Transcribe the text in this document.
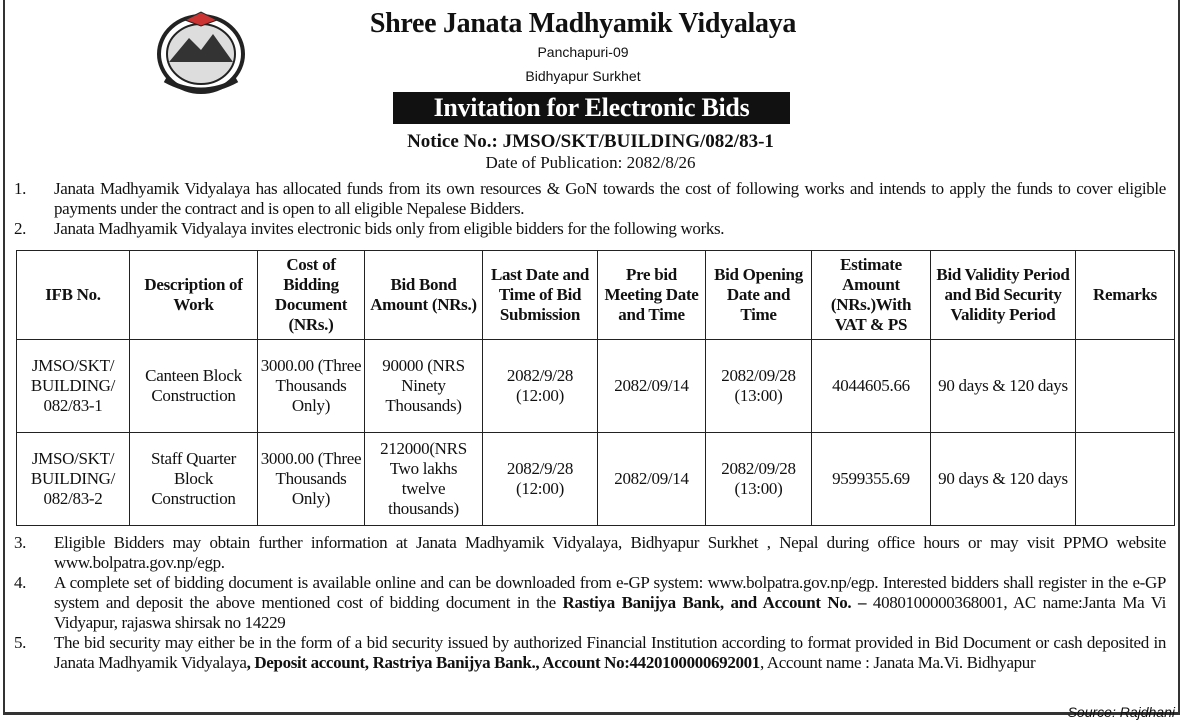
Shree Janata Madhyamik Vidyalaya
Panchapuri-09
Bidhyapur Surkhet
Invitation for Electronic Bids
Notice No.: JMSO/SKT/BUILDING/082/83-1
Date of Publication: 2082/8/26
1.	Janata Madhyamik Vidyalaya has allocated funds from its own resources & GoN towards the cost of following works and intends to apply the funds to cover eligible payments under the contract and is open to all eligible Nepalese Bidders.
2.	Janata Madhyamik Vidyalaya invites electronic bids only from eligible bidders for the following works.
IFB No.	Description of Work	Cost of Bidding Document (NRs.)	Bid Bond Amount (NRs.)	Last Date and Time of Bid Submission	Pre bid Meeting Date and Time	Bid Opening Date and Time	Estimate Amount (NRs.)With VAT & PS	Bid Validity Period and Bid Security Validity Period	Remarks
JMSO/SKT/ BUILDING/ 082/83-1	Canteen Block Construction	3000.00 (Three Thousands Only)	90000 (NRS Ninety Thousands)	2082/9/28 (12:00)	2082/09/14	2082/09/28 (13:00)	4044605.66	90 days & 120 days	
JMSO/SKT/ BUILDING/ 082/83-2	Staff Quarter Block Construction	3000.00 (Three Thousands Only)	212000(NRS Two lakhs twelve thousands)	2082/9/28 (12:00)	2082/09/14	2082/09/28 (13:00)	9599355.69	90 days & 120 days	
3.	Eligible Bidders may obtain further information at Janata Madhyamik Vidyalaya, Bidhyapur Surkhet , Nepal during office hours or may visit PPMO website www.bolpatra.gov.np/egp.
4.	A complete set of bidding document is available online and can be downloaded from e-GP system: www.bolpatra.gov.np/egp. Interested bidders shall register in the e-GP system and deposit the above mentioned cost of bidding document in the Rastiya Banijya Bank, and Account No. – 4080100000368001, AC name:Janta Ma Vi Vidyapur, rajaswa shirsak no 14229
5.	The bid security may either be in the form of a bid security issued by authorized Financial Institution according to format provided in Bid Document or cash deposited in Janata Madhyamik Vidyalaya, Deposit account, Rastriya Banijya Bank., Account No:4420100000692001, Account name : Janata Ma.Vi. Bidhyapur
Source: Rajdhani
